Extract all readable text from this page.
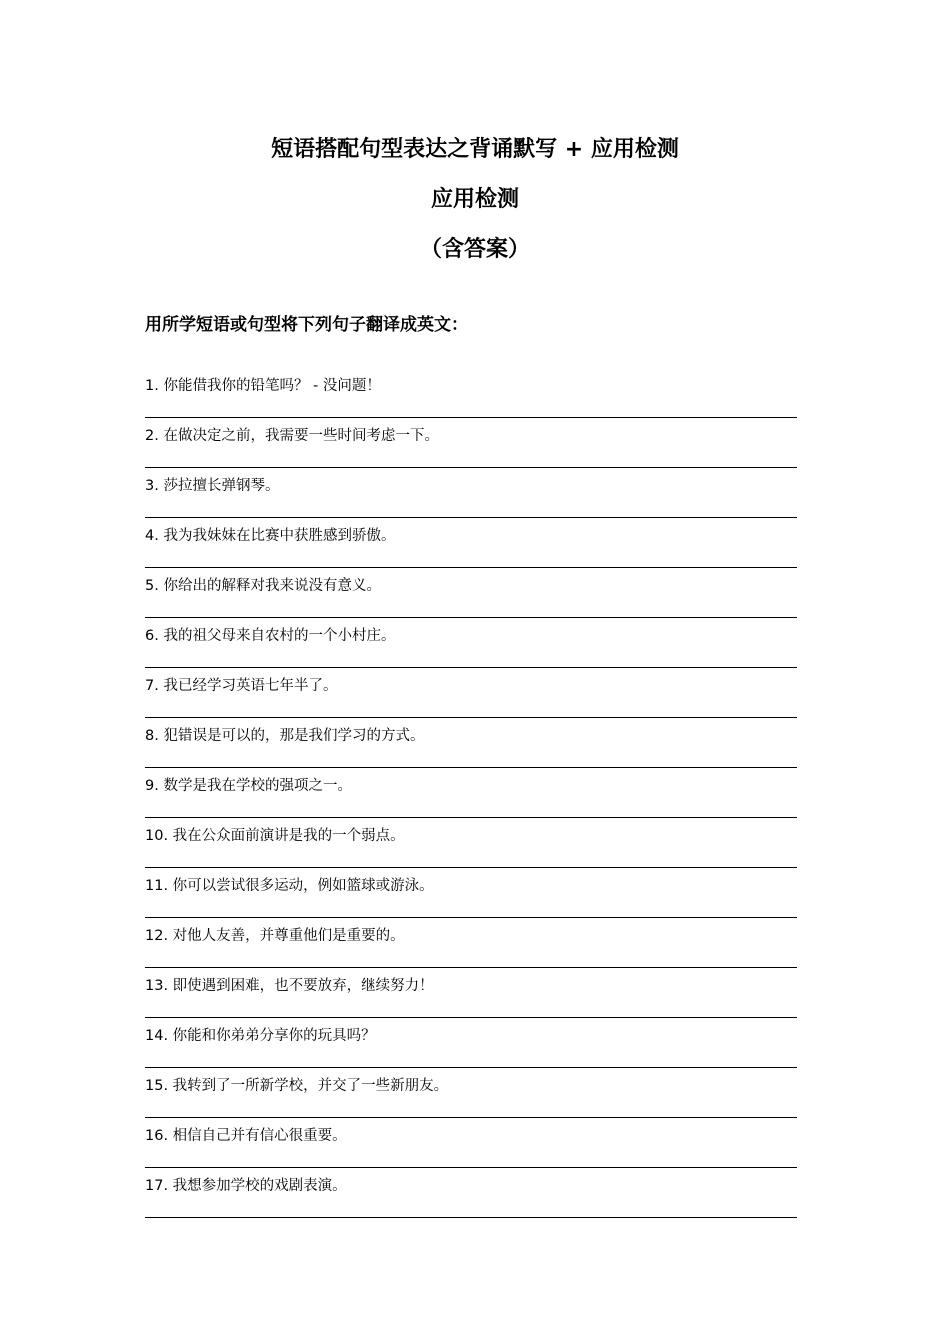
短语搭配句型表达之背诵默写 + 应用检测
应用检测
（含答案）

用所学短语或句型将下列句子翻译成英文：

1. 你能借我你的铅笔吗？ - 没问题！
2. 在做决定之前，我需要一些时间考虑一下。
3. 莎拉擅长弹钢琴。
4. 我为我妹妹在比赛中获胜感到骄傲。
5. 你给出的解释对我来说没有意义。
6. 我的祖父母来自农村的一个小村庄。
7. 我已经学习英语七年半了。
8. 犯错误是可以的，那是我们学习的方式。
9. 数学是我在学校的强项之一。
10. 我在公众面前演讲是我的一个弱点。
11. 你可以尝试很多运动，例如篮球或游泳。
12. 对他人友善，并尊重他们是重要的。
13. 即使遇到困难，也不要放弃，继续努力！
14. 你能和你弟弟分享你的玩具吗？
15. 我转到了一所新学校，并交了一些新朋友。
16. 相信自己并有信心很重要。
17. 我想参加学校的戏剧表演。
